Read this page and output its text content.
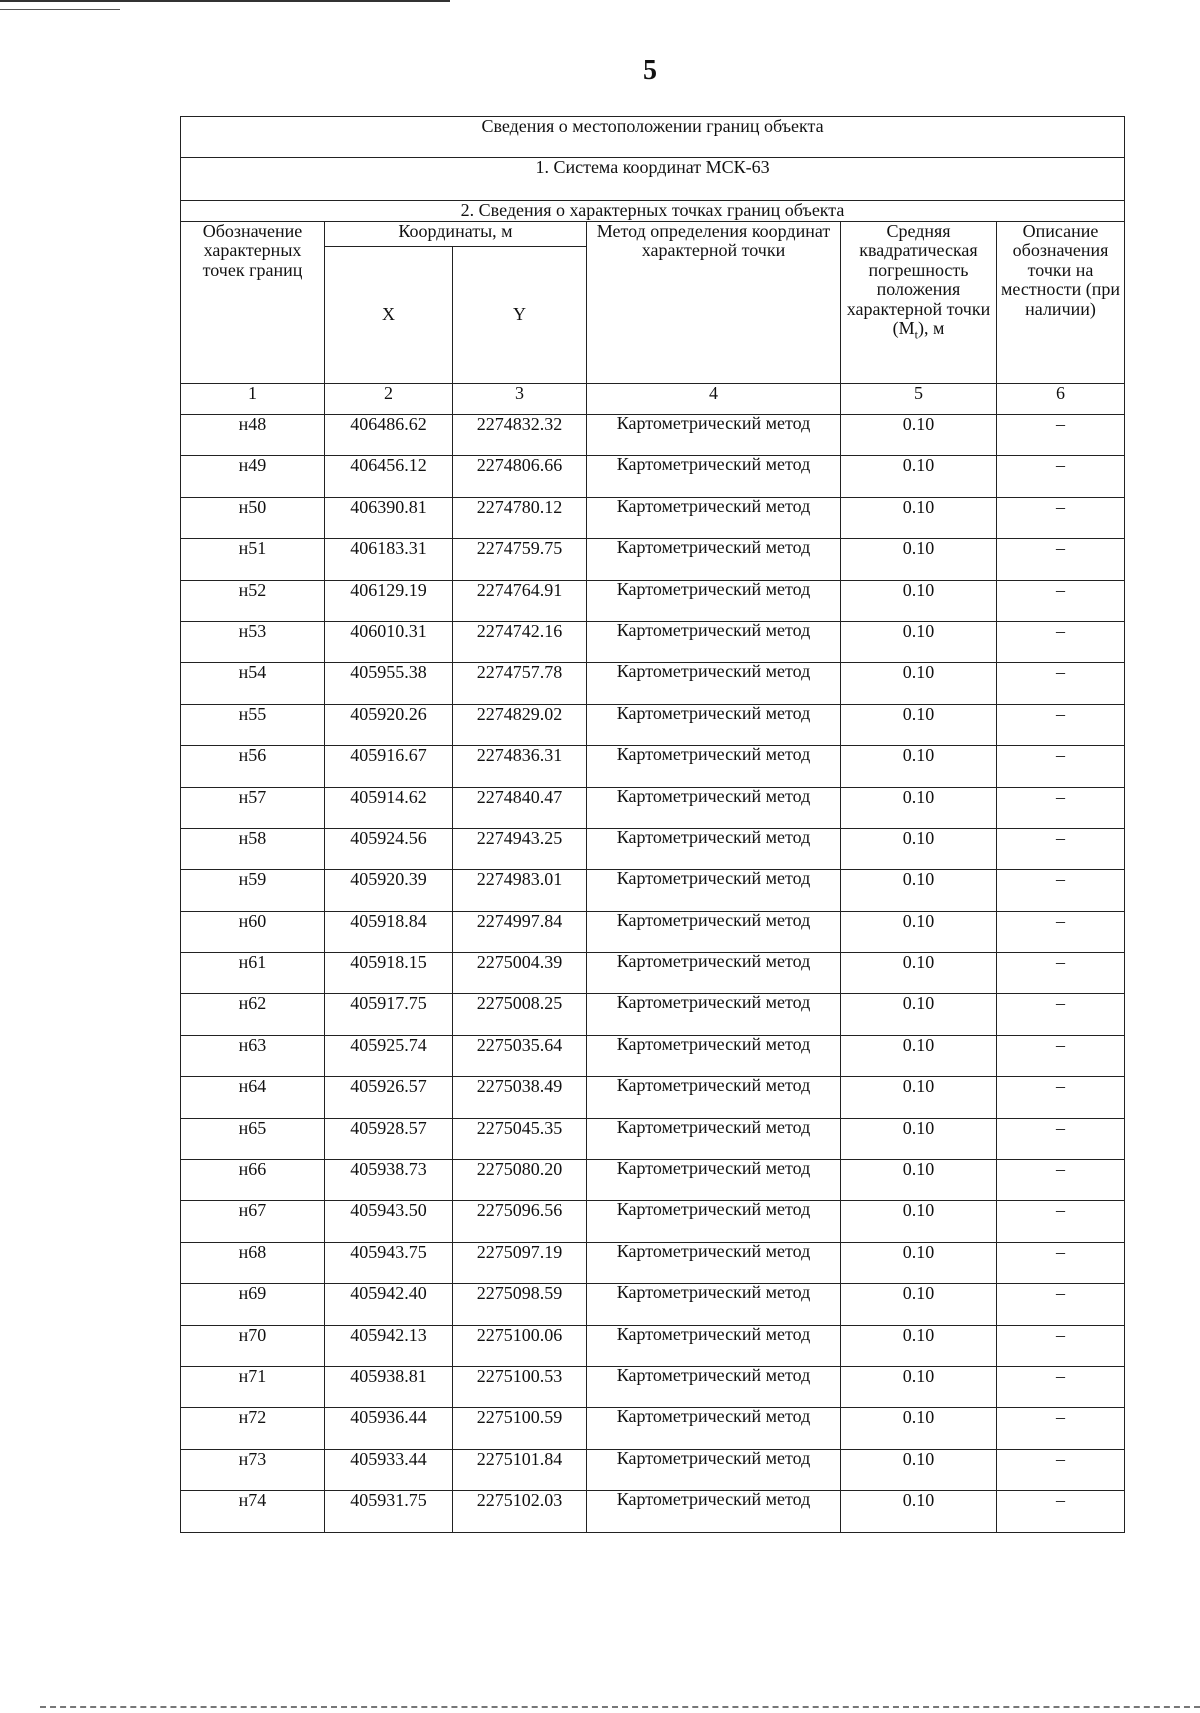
5
Сведения о местоположении границ объекта					
1. Система координат МСК-63					
2. Сведения о характерных точках границ объекта					
Обозначение характерных точек границ	Координаты, м		Метод определения координат характерной точки	Средняя квадратическая погрешность положения характерной точки $(M_t)$, м	Описание обозначения точки на местности (при наличии)
	X	Y			
1	2	3	4	5	6
н48	406486.62	2274832.32	Картометрический метод	0.10	–
н49	406456.12	2274806.66	Картометрический метод	0.10	–
н50	406390.81	2274780.12	Картометрический метод	0.10	–
н51	406183.31	2274759.75	Картометрический метод	0.10	–
н52	406129.19	2274764.91	Картометрический метод	0.10	–
н53	406010.31	2274742.16	Картометрический метод	0.10	–
н54	405955.38	2274757.78	Картометрический метод	0.10	–
н55	405920.26	2274829.02	Картометрический метод	0.10	–
н56	405916.67	2274836.31	Картометрический метод	0.10	–
н57	405914.62	2274840.47	Картометрический метод	0.10	–
н58	405924.56	2274943.25	Картометрический метод	0.10	–
н59	405920.39	2274983.01	Картометрический метод	0.10	–
н60	405918.84	2274997.84	Картометрический метод	0.10	–
н61	405918.15	2275004.39	Картометрический метод	0.10	–
н62	405917.75	2275008.25	Картометрический метод	0.10	–
н63	405925.74	2275035.64	Картометрический метод	0.10	–
н64	405926.57	2275038.49	Картометрический метод	0.10	–
н65	405928.57	2275045.35	Картометрический метод	0.10	–
н66	405938.73	2275080.20	Картометрический метод	0.10	–
н67	405943.50	2275096.56	Картометрический метод	0.10	–
н68	405943.75	2275097.19	Картометрический метод	0.10	–
н69	405942.40	2275098.59	Картометрический метод	0.10	–
н70	405942.13	2275100.06	Картометрический метод	0.10	–
н71	405938.81	2275100.53	Картометрический метод	0.10	–
н72	405936.44	2275100.59	Картометрический метод	0.10	–
н73	405933.44	2275101.84	Картометрический метод	0.10	–
н74	405931.75	2275102.03	Картометрический метод	0.10	–
